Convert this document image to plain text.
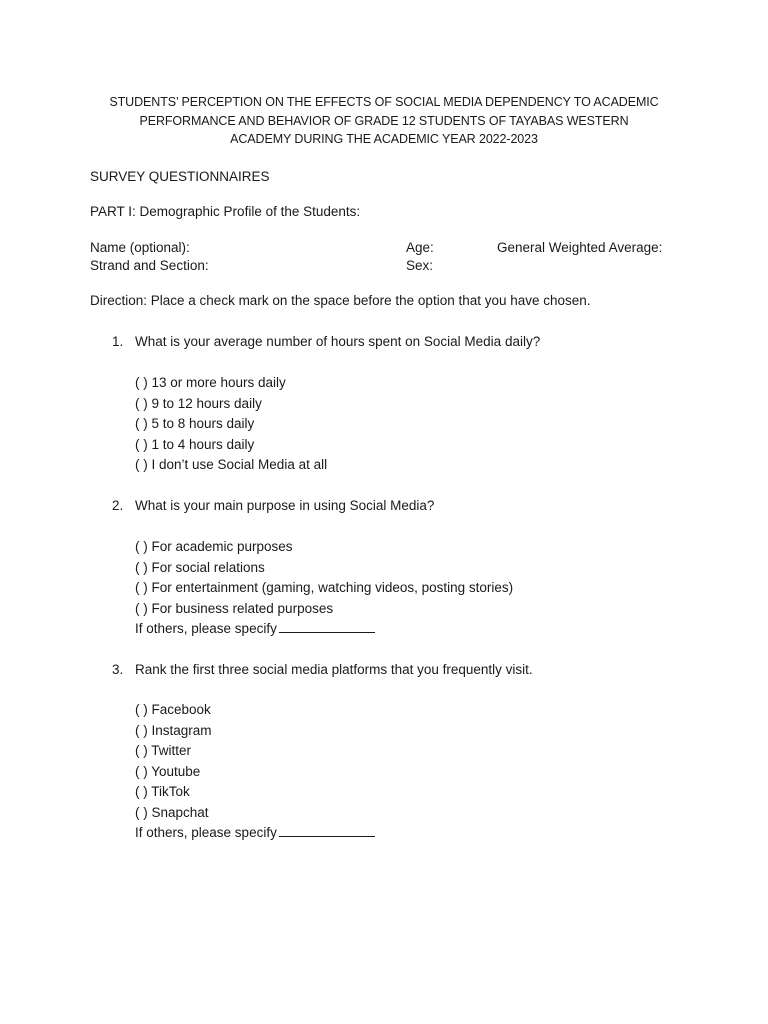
STUDENTS’ PERCEPTION ON THE EFFECTS OF SOCIAL MEDIA DEPENDENCY TO ACADEMIC
PERFORMANCE AND BEHAVIOR OF GRADE 12 STUDENTS OF TAYABAS WESTERN
ACADEMY DURING THE ACADEMIC YEAR 2022-2023
SURVEY QUESTIONNAIRES
PART I: Demographic Profile of the Students:
Name (optional):	Age:	General Weighted Average:
Strand and Section:	Sex:
Direction: Place a check mark on the space before the option that you have chosen.
1. What is your average number of hours spent on Social Media daily?
( ) 13 or more hours daily
( ) 9 to 12 hours daily
( ) 5 to 8 hours daily
( ) 1 to 4 hours daily
( ) I don’t use Social Media at all
2. What is your main purpose in using Social Media?
( ) For academic purposes
( ) For social relations
( ) For entertainment (gaming, watching videos, posting stories)
( ) For business related purposes
If others, please specify
3. Rank the first three social media platforms that you frequently visit.
( ) Facebook
( ) Instagram
( ) Twitter
( ) Youtube
( ) TikTok
( ) Snapchat
If others, please specify
